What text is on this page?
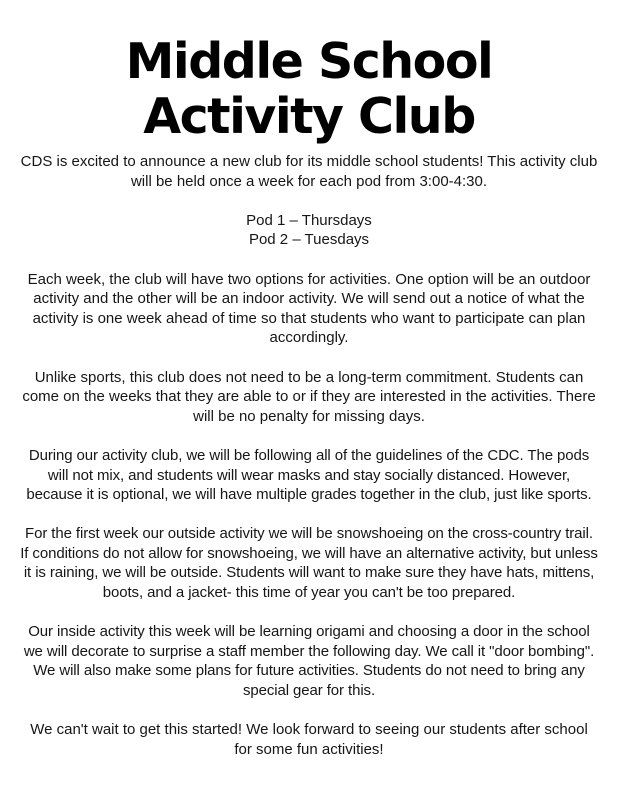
Middle School
Activity Club

CDS is excited to announce a new club for its middle school students! This activity club will be held once a week for each pod from 3:00-4:30.

Pod 1 – Thursdays
Pod 2 – Tuesdays

Each week, the club will have two options for activities. One option will be an outdoor activity and the other will be an indoor activity. We will send out a notice of what the activity is one week ahead of time so that students who want to participate can plan accordingly.

Unlike sports, this club does not need to be a long-term commitment. Students can come on the weeks that they are able to or if they are interested in the activities. There will be no penalty for missing days.

During our activity club, we will be following all of the guidelines of the CDC. The pods will not mix, and students will wear masks and stay socially distanced. However, because it is optional, we will have multiple grades together in the club, just like sports.

For the first week our outside activity we will be snowshoeing on the cross-country trail. If conditions do not allow for snowshoeing, we will have an alternative activity, but unless it is raining, we will be outside. Students will want to make sure they have hats, mittens, boots, and a jacket- this time of year you can't be too prepared.

Our inside activity this week will be learning origami and choosing a door in the school we will decorate to surprise a staff member the following day. We call it "door bombing". We will also make some plans for future activities. Students do not need to bring any special gear for this.

We can't wait to get this started! We look forward to seeing our students after school for some fun activities!
